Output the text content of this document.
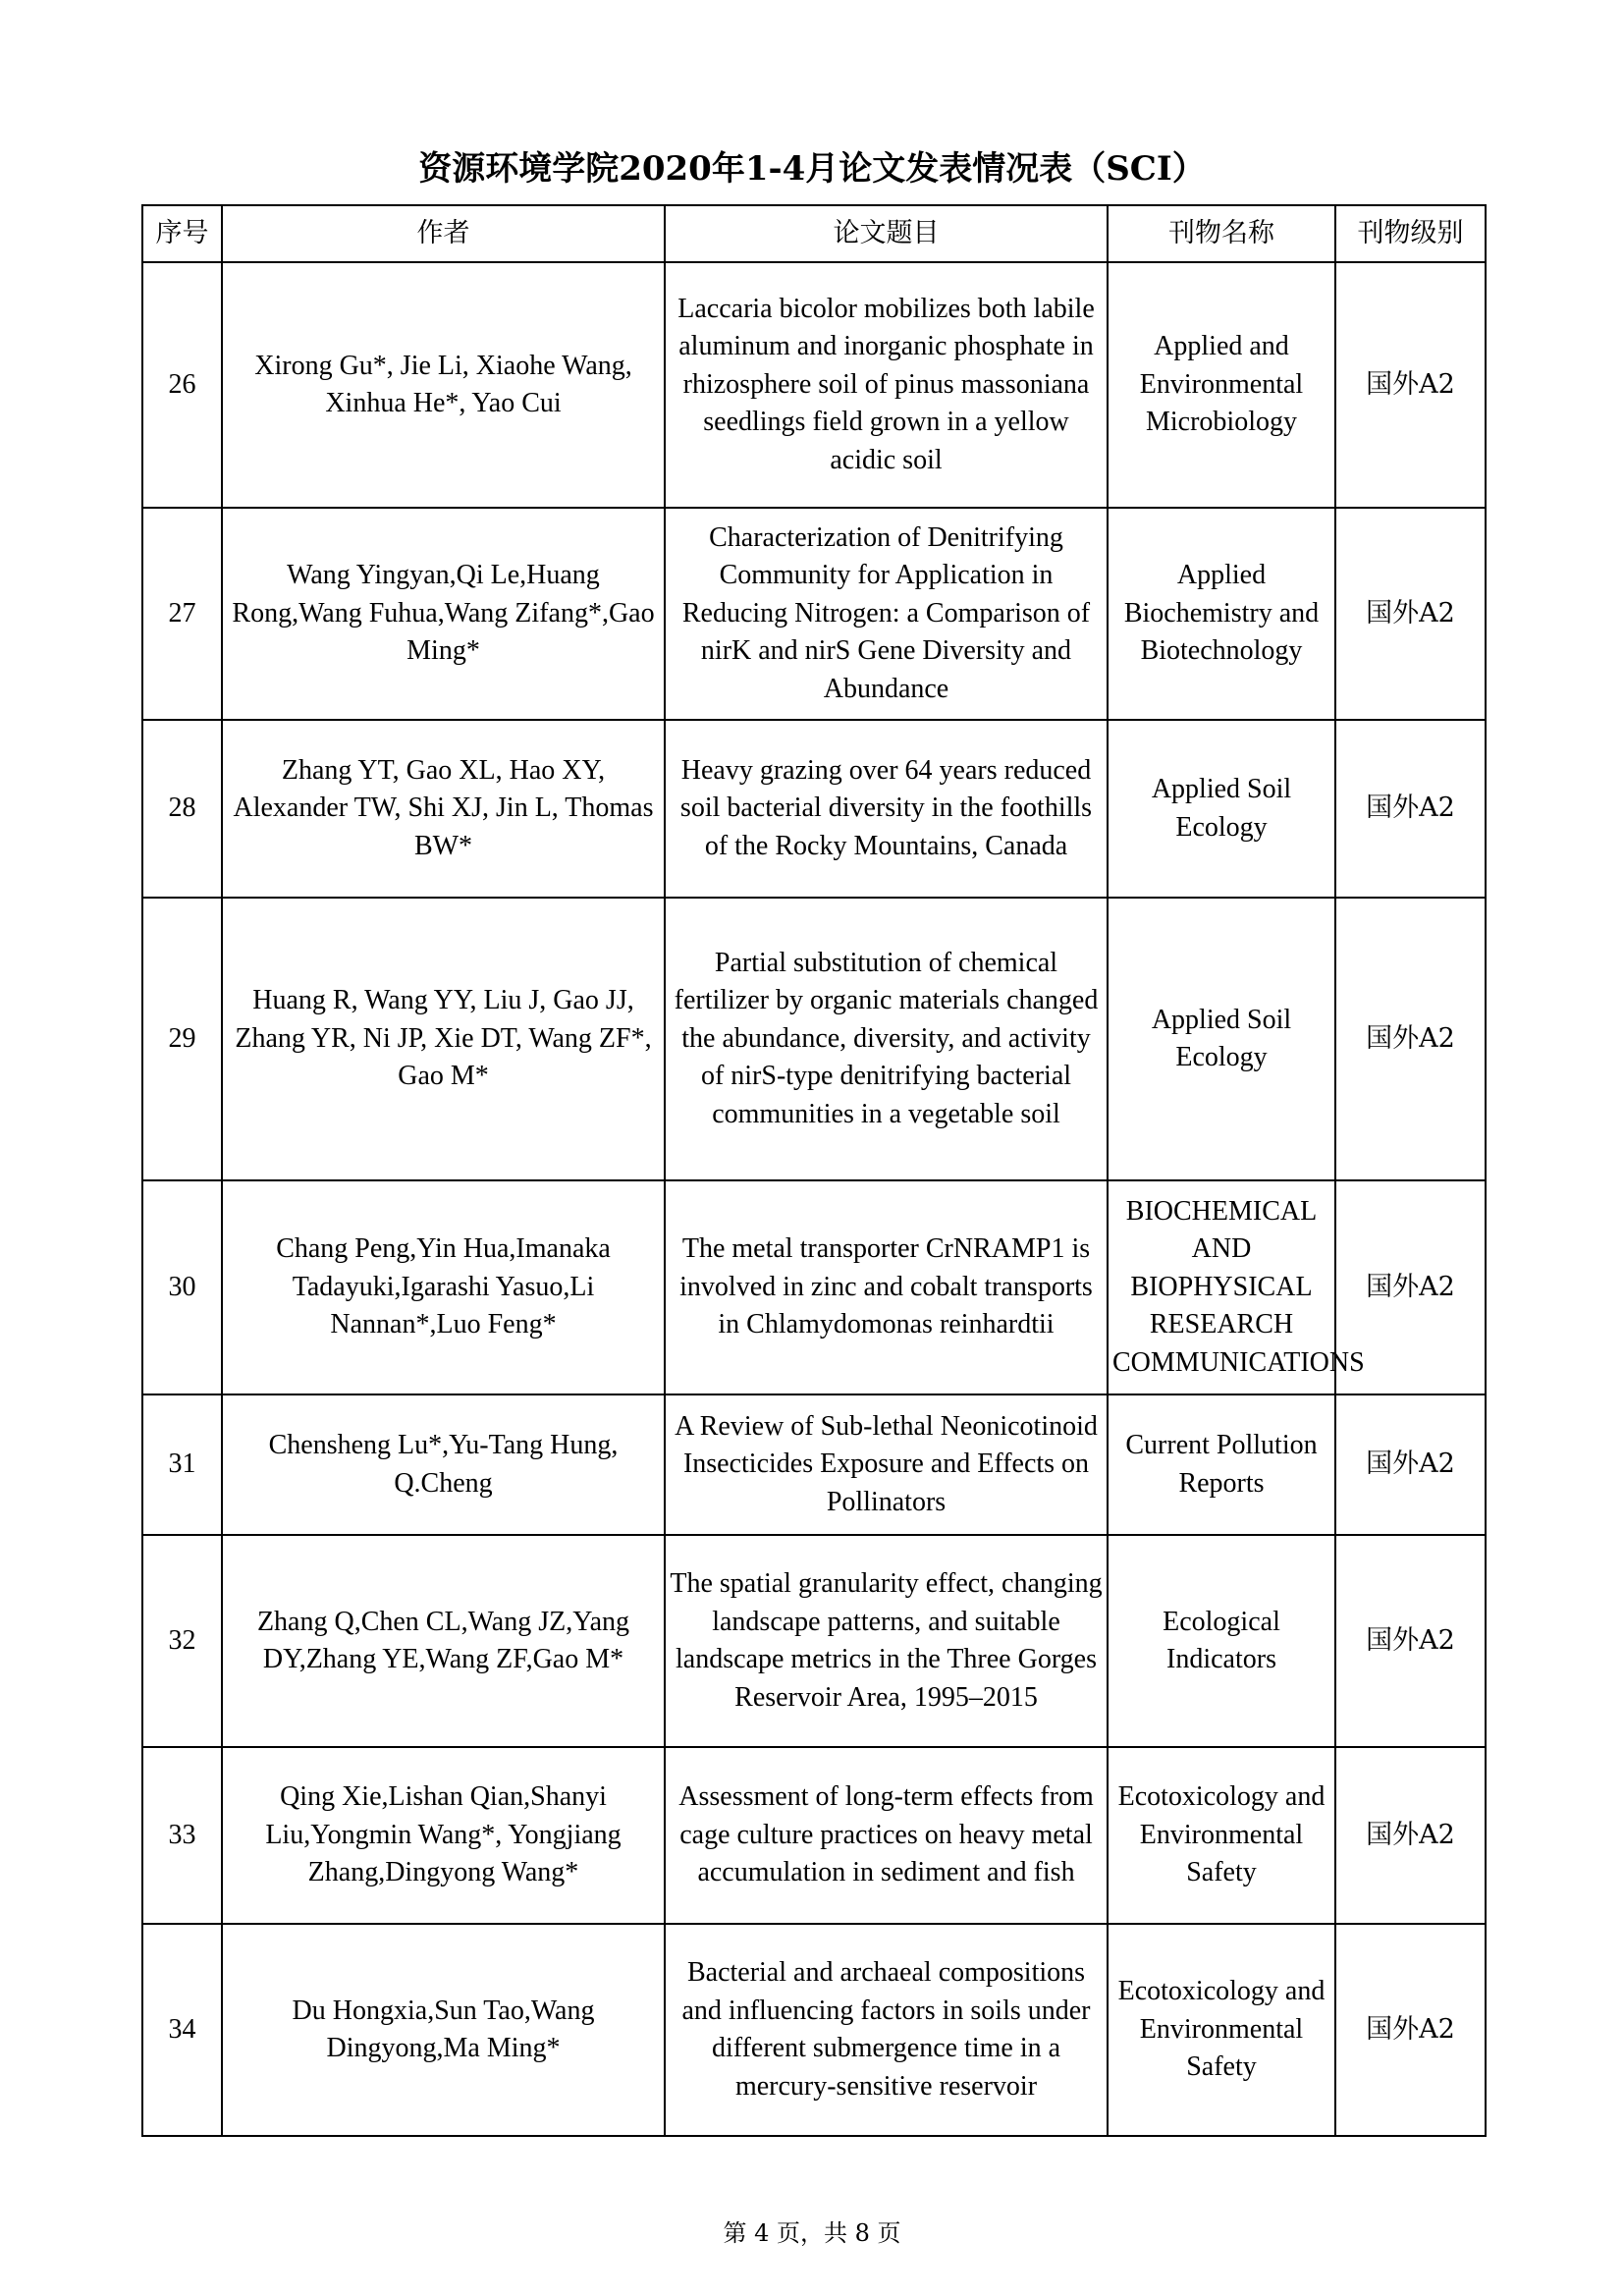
资源环境学院2020年1-4月论文发表情况表（SCI）
序号	作者	论文题目	刊物名称	刊物级别
26	Xirong Gu*, Jie Li, Xiaohe Wang, Xinhua He*, Yao Cui	Laccaria bicolor mobilizes both labile aluminum and inorganic phosphate in rhizosphere soil of pinus massoniana seedlings field grown in a yellow acidic soil	Applied and Environmental Microbiology	国外A2
27	Wang Yingyan,Qi Le,Huang Rong,Wang Fuhua,Wang Zifang*,Gao Ming*	Characterization of Denitrifying Community for Application in Reducing Nitrogen: a Comparison of nirK and nirS Gene Diversity and Abundance	Applied Biochemistry and Biotechnology	国外A2
28	Zhang YT, Gao XL, Hao XY, Alexander TW, Shi XJ, Jin L, Thomas BW*	Heavy grazing over 64 years reduced soil bacterial diversity in the foothills of the Rocky Mountains, Canada	Applied Soil Ecology	国外A2
29	Huang R, Wang YY, Liu J, Gao JJ, Zhang YR, Ni JP, Xie DT, Wang ZF*, Gao M*	Partial substitution of chemical fertilizer by organic materials changed the abundance, diversity, and activity of nirS-type denitrifying bacterial communities in a vegetable soil	Applied Soil Ecology	国外A2
30	Chang Peng,Yin Hua,Imanaka Tadayuki,Igarashi Yasuo,Li Nannan*,Luo Feng*	The metal transporter CrNRAMP1 is involved in zinc and cobalt transports in Chlamydomonas reinhardtii	BIOCHEMICAL AND BIOPHYSICAL RESEARCH COMMUNICATIONS	国外A2
31	Chensheng Lu*,Yu-Tang Hung, Q.Cheng	A Review of Sub-lethal Neonicotinoid Insecticides Exposure and Effects on Pollinators	Current Pollution Reports	国外A2
32	Zhang Q,Chen CL,Wang JZ,Yang DY,Zhang YE,Wang ZF,Gao M*	The spatial granularity effect, changing landscape patterns, and suitable landscape metrics in the Three Gorges Reservoir Area, 1995–2015	Ecological Indicators	国外A2
33	Qing Xie,Lishan Qian,Shanyi Liu,Yongmin Wang*, Yongjiang Zhang,Dingyong Wang*	Assessment of long-term effects from cage culture practices on heavy metal accumulation in sediment and fish	Ecotoxicology and Environmental Safety	国外A2
34	Du Hongxia,Sun Tao,Wang Dingyong,Ma Ming*	Bacterial and archaeal compositions and influencing factors in soils under different submergence time in a mercury-sensitive reservoir	Ecotoxicology and Environmental Safety	国外A2
第 4 页，共 8 页
